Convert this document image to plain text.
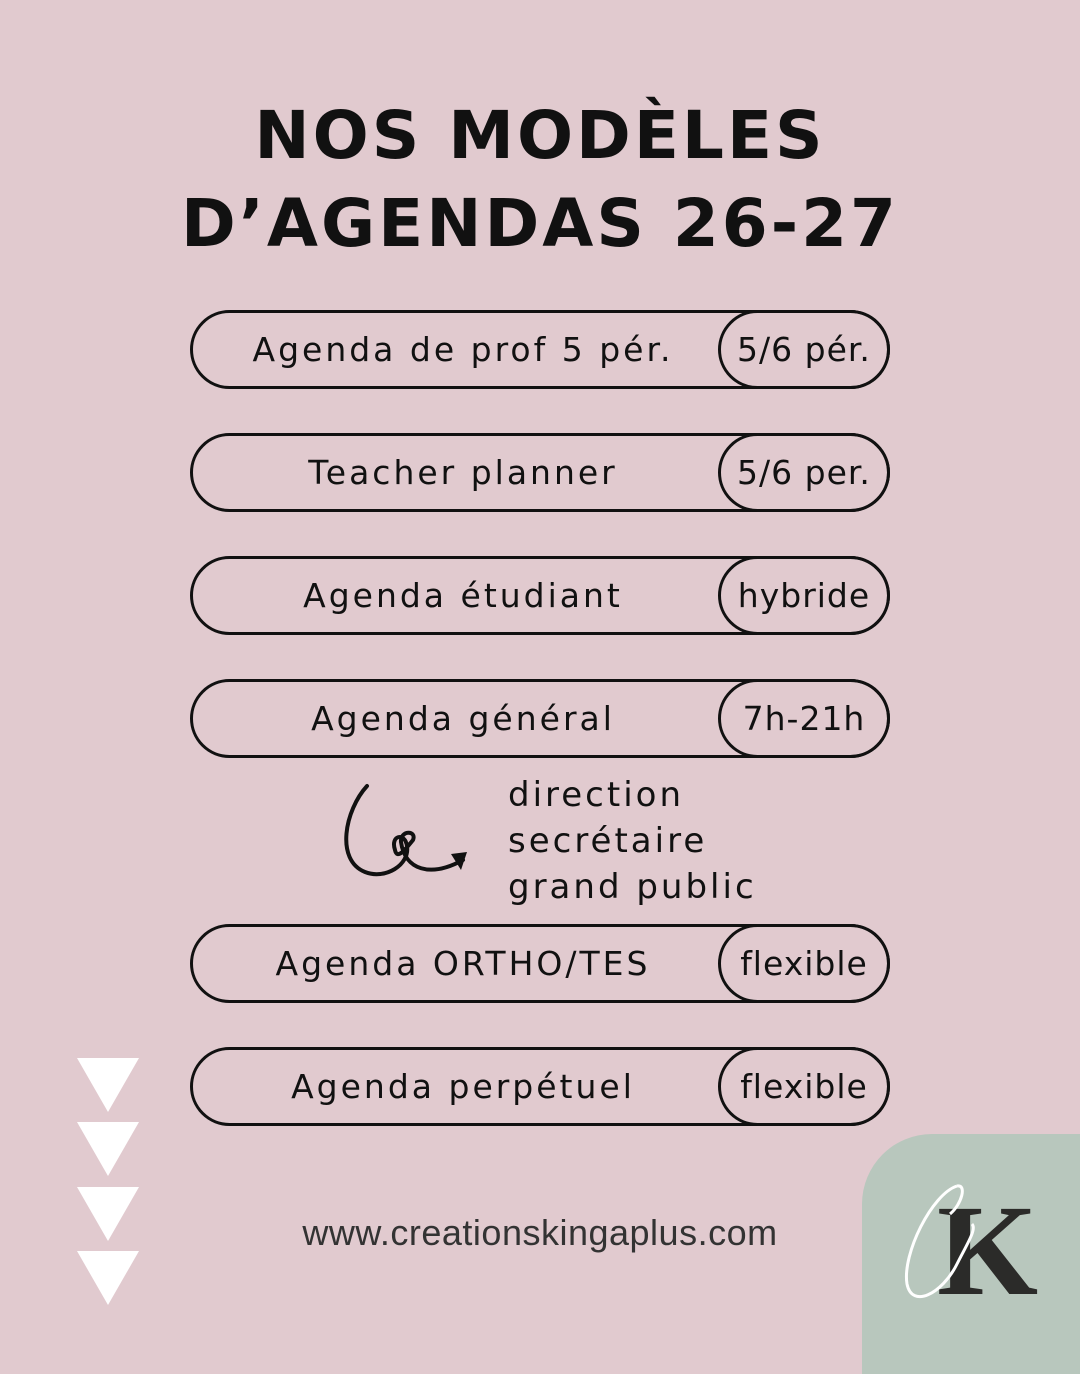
NOS MODÈLES
D’AGENDAS 26-27
Agenda de prof 5 pér.	5/6 pér.
Teacher planner	5/6 per.
Agenda étudiant	hybride
Agenda général	7h-21h
direction
secrétaire
grand public
Agenda ORTHO/TES	flexible
Agenda perpétuel	flexible
www.creationskingaplus.com	K
